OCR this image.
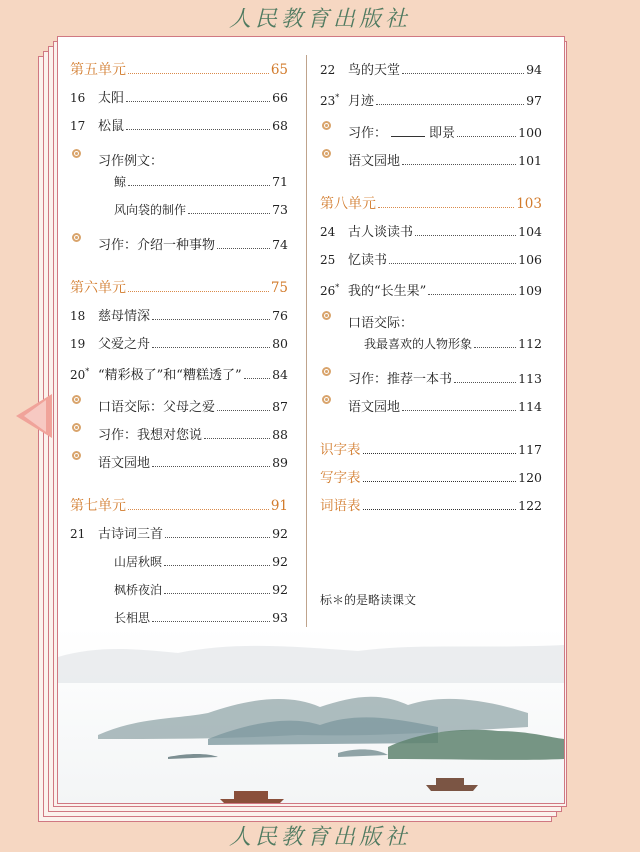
人民教育出版社
第五单元	65
16 太阳	66
17 松鼠	68
习作例文：
鲸	71
风向袋的制作	73
习作：介绍一种事物	74
第六单元	75
18 慈母情深	76
19 父爱之舟	80
20* “精彩极了”和“糟糕透了” 84
口语交际：父母之爱	87
习作：我想对您说	88
语文园地	89
第七单元	91
21 古诗词三首	92
山居秋暝	92
枫桥夜泊	92
长相思	93
22 鸟的天堂	94
23* 月迹	97
习作：	即景	100
语文园地	101
第八单元	103
24 古人谈读书	104
25 忆读书	106
26* 我的“长生果”	109
口语交际：
我最喜欢的人物形象	112
习作：推荐一本书	113
语文园地	114
识字表	117
写字表	120
词语表	122
标＊的是略读课文
人民教育出版社
